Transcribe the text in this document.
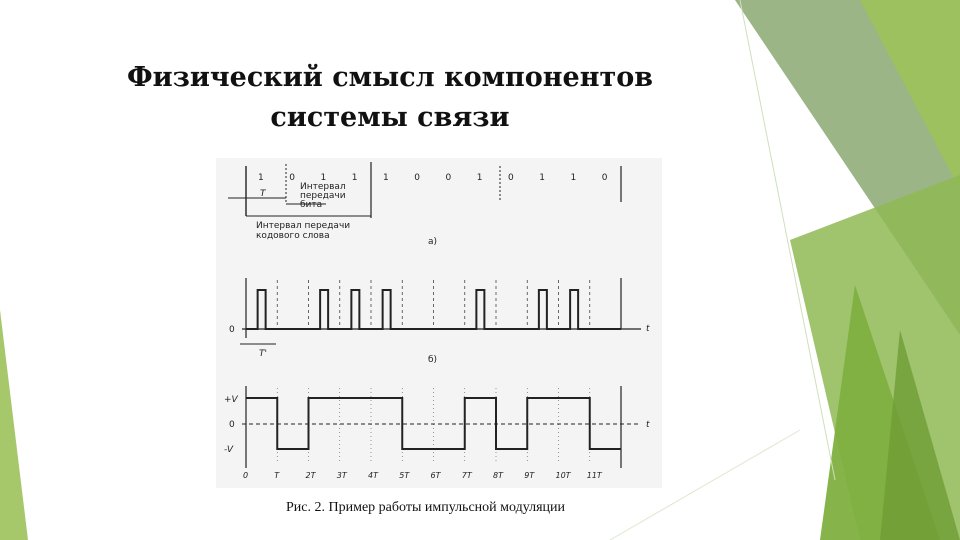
Физический смысл компонентов
системы связи
1	0	1	1	1	0	0	1	0	1	1	0
T
Интервал
передачи
бита
Интервал передачи
кодового слова
a)
0	t
T'
б)
+V
0
-V
t
0	T	2T	3T	4T	5T	6T	7T	8T	9T	10T 11T
Рис. 2. Пример работы импульсной модуляции
